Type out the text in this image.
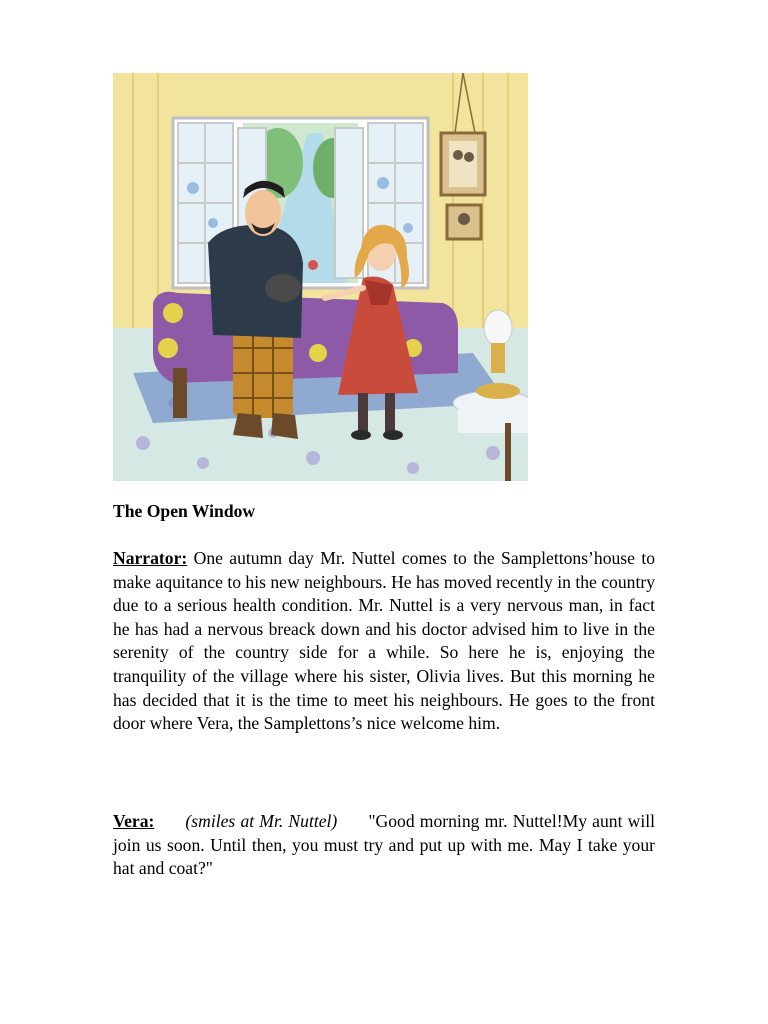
The Open Window
Narrator: One autumn day Mr. Nuttel comes to the Samplettons’house to make aquitance to his new neighbours. He has moved recently in the country due to a serious health condition. Mr. Nuttel is a very nervous man, in fact he has had a nervous breack down and his doctor advised him to live in the serenity of the country side for a while. So here he is, enjoying the tranquility of the village where his sister, Olivia lives. But this morning he has decided that it is the time to meet his neighbours. He goes to the front door where Vera, the Samplettons’s nice welcome him.
Vera: (smiles at Mr. Nuttel) "Good morning mr. Nuttel!My aunt will join us soon. Until then, you must try and put up with me. May I take your hat and coat?"
